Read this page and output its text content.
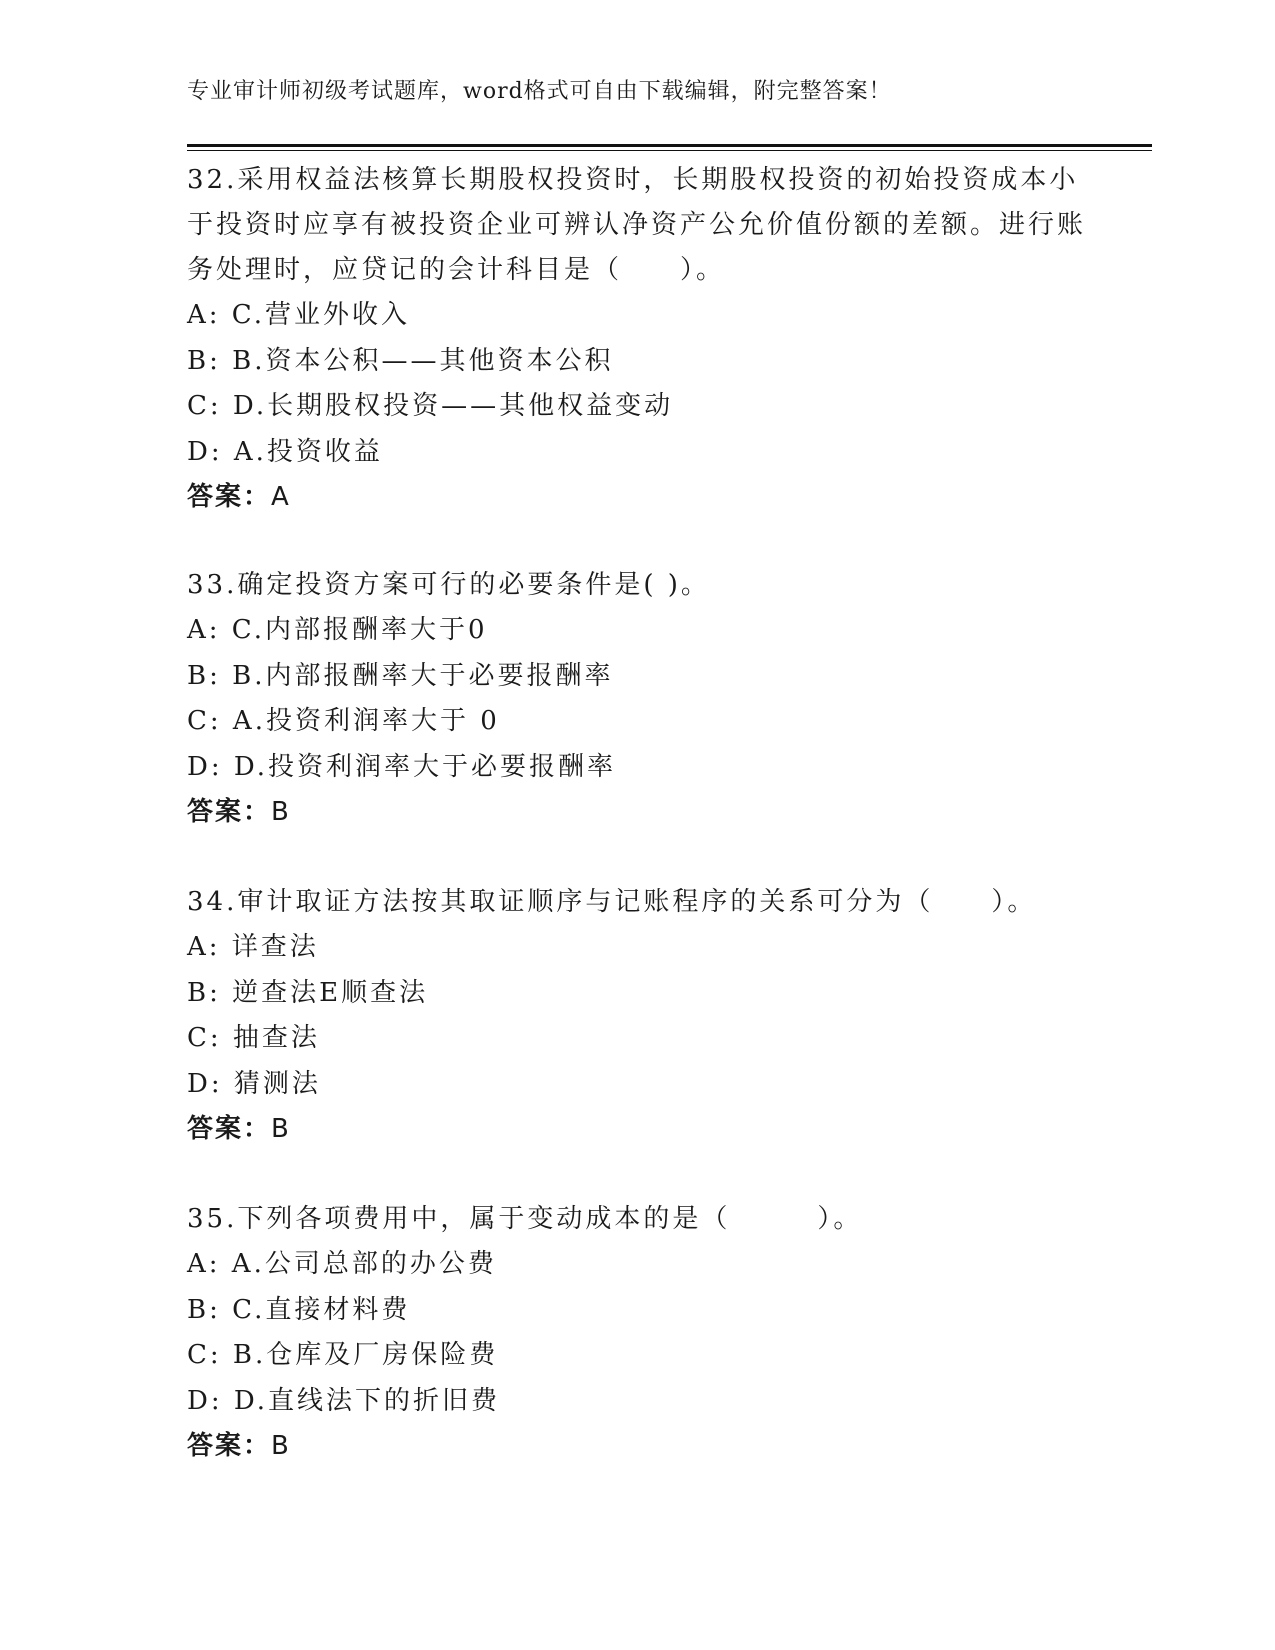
专业审计师初级考试题库，word格式可自由下载编辑，附完整答案！

32.采用权益法核算长期股权投资时，长期股权投资的初始投资成本小于投资时应享有被投资企业可辨认净资产公允价值份额的差额。进行账务处理时，应贷记的会计科目是（　　）。

A: C.营业外收入

B: B.资本公积——其他资本公积

C: D.长期股权投资——其他权益变动

D: A.投资收益

答案：A

33.确定投资方案可行的必要条件是( )。

A: C.内部报酬率大于0

B: B.内部报酬率大于必要报酬率

C: A.投资利润率大于 0

D: D.投资利润率大于必要报酬率

答案：B

34.审计取证方法按其取证顺序与记账程序的关系可分为（　　）。

A: 详查法

B: 逆查法E顺查法

C: 抽查法

D: 猜测法

答案：B

35.下列各项费用中，属于变动成本的是（　　　）。

A: A.公司总部的办公费

B: C.直接材料费

C: B.仓库及厂房保险费

D: D.直线法下的折旧费

答案：B
